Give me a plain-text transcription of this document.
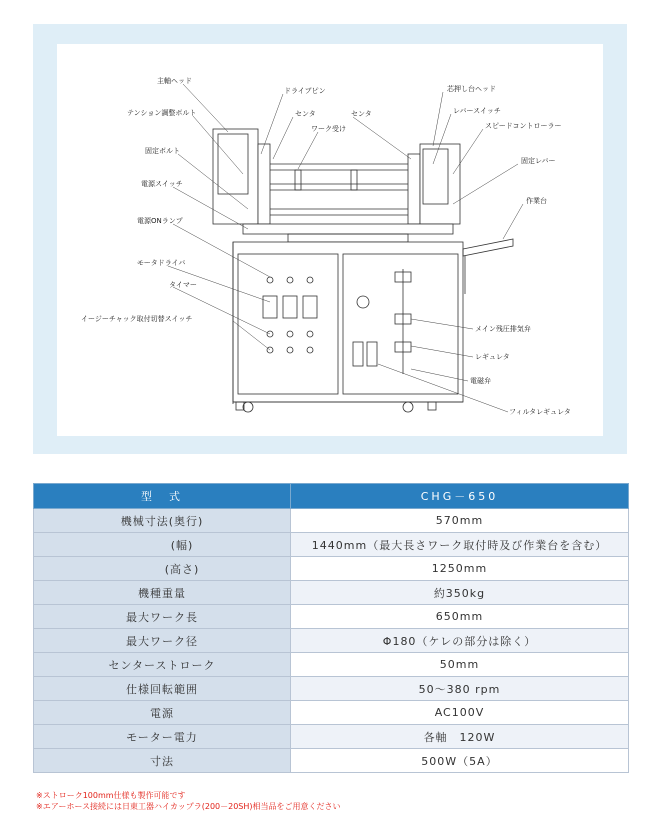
主軸ヘッド
テンション調整ボルト
固定ボルト
電源スイッチ
電源ONランプ
モータドライバ
タイマー
イージーチャック取付切替スイッチ
ドライブピン
センタ
ワーク受け
センタ
芯押し台ヘッド
レバースイッチ
スピードコントローラー
固定レバー
作業台
メイン残圧排気弁
レギュレタ
電磁弁
フィルタレギュレタ
型　式	CHG－650
機械寸法(奥行)	570mm
(幅)	1440mm（最大長さワーク取付時及び作業台を含む）
(高さ)	1250mm
機種重量	約350kg
最大ワーク長	650mm
最大ワーク径	Φ180（ケレの部分は除く）
センターストローク	50mm
仕様回転範囲	50～380 rpm
電源	AC100V
モーター電力	各軸　120W
寸法	500W（5A）
※ストローク100mm仕様も製作可能です
※エアーホース接続には日東工器ハイカップラ(200－20SH)相当品をご用意ください
